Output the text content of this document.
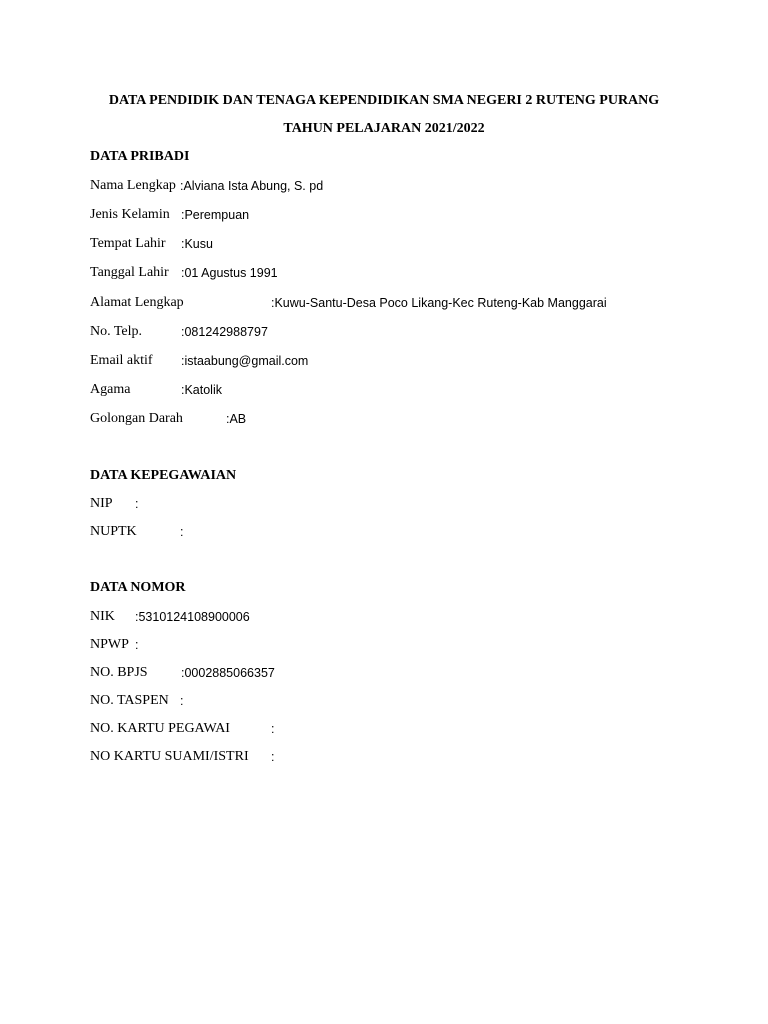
DATA PENDIDIK DAN TENAGA KEPENDIDIKAN SMA NEGERI 2 RUTENG PURANG
TAHUN PELAJARAN 2021/2022
DATA PRIBADI
Nama Lengkap :Alviana Ista Abung, S. pd
Jenis Kelamin :Perempuan
Tempat Lahir :Kusu
Tanggal Lahir :01 Agustus 1991
Alamat Lengkap	:Kuwu-Santu-Desa Poco Likang-Kec Ruteng-Kab Manggarai
No. Telp.	:081242988797
Email aktif :istaabung@gmail.com
Agama	:Katolik
Golongan Darah	:AB
DATA KEPEGAWAIAN
NIP :
NUPTK	:
DATA NOMOR
NIK :5310124108900006
NPWP :
NO. BPJS	:0002885066357
NO. TASPEN :
NO. KARTU PEGAWAI	:
NO KARTU SUAMI/ISTRI :
